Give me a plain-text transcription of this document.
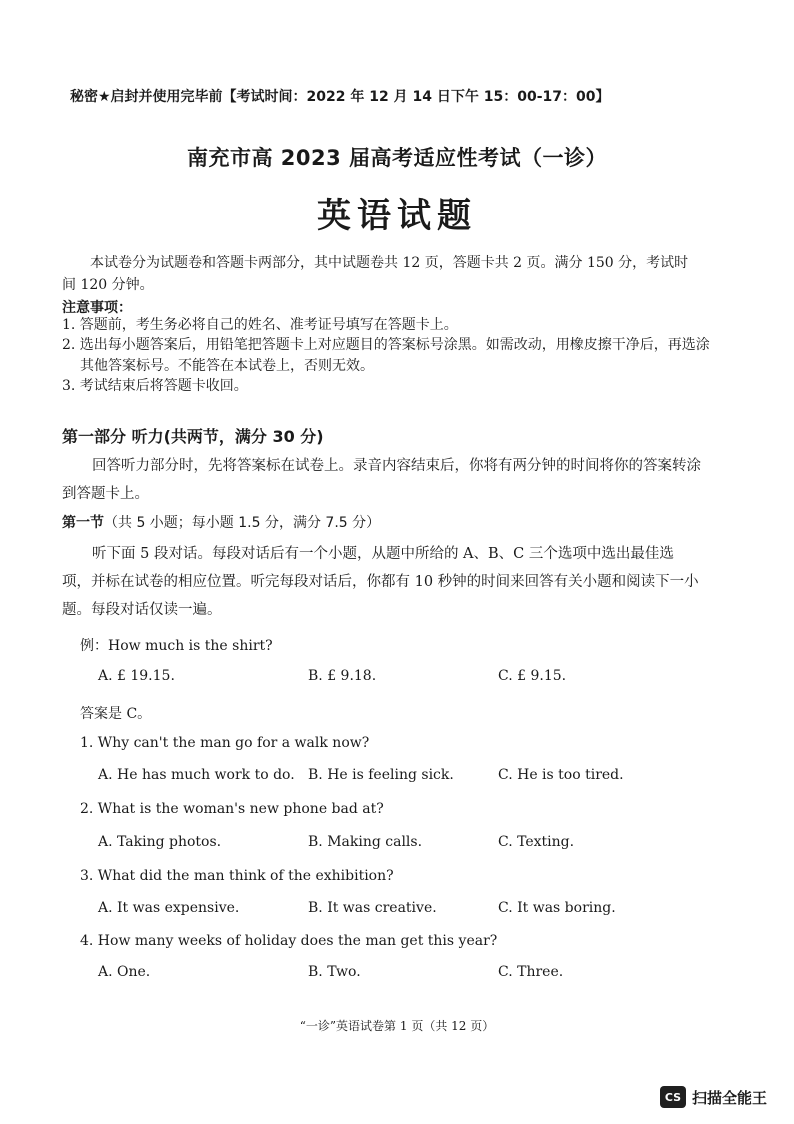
秘密★启封并使用完毕前【考试时间：2022 年 12 月 14 日下午 15：00-17：00】
南充市高 2023 届高考适应性考试（一诊）
英语试题
本试卷分为试题卷和答题卡两部分，其中试题卷共 12 页，答题卡共 2 页。满分 150 分，考试时间 120 分钟。
注意事项：
1. 答题前，考生务必将自己的姓名、准考证号填写在答题卡上。
2. 选出每小题答案后，用铅笔把答题卡上对应题目的答案标号涂黑。如需改动，用橡皮擦干净后，再选涂其他答案标号。不能答在本试卷上，否则无效。
3. 考试结束后将答题卡收回。
第一部分 听力(共两节，满分 30 分)
回答听力部分时，先将答案标在试卷上。录音内容结束后，你将有两分钟的时间将你的答案转涂到答题卡上。
第一节（共 5 小题；每小题 1.5 分，满分 7.5 分）
听下面 5 段对话。每段对话后有一个小题，从题中所给的 A、B、C 三个选项中选出最佳选项，并标在试卷的相应位置。听完每段对话后，你都有 10 秒钟的时间来回答有关小题和阅读下一小题。每段对话仅读一遍。
例：How much is the shirt?
A. £ 19.15.	B. £ 9.18.	C. £ 9.15.
答案是 C。
1. Why can't the man go for a walk now?
A. He has much work to do. B. He is feeling sick.	C. He is too tired.
2. What is the woman's new phone bad at?
A. Taking photos.	B. Making calls.	C. Texting.
3. What did the man think of the exhibition?
A. It was expensive.	B. It was creative.	C. It was boring.
4. How many weeks of holiday does the man get this year?
A. One.	B. Two.	C. Three.
“一诊”英语试卷第 1 页（共 12 页）
CS 扫描全能王
